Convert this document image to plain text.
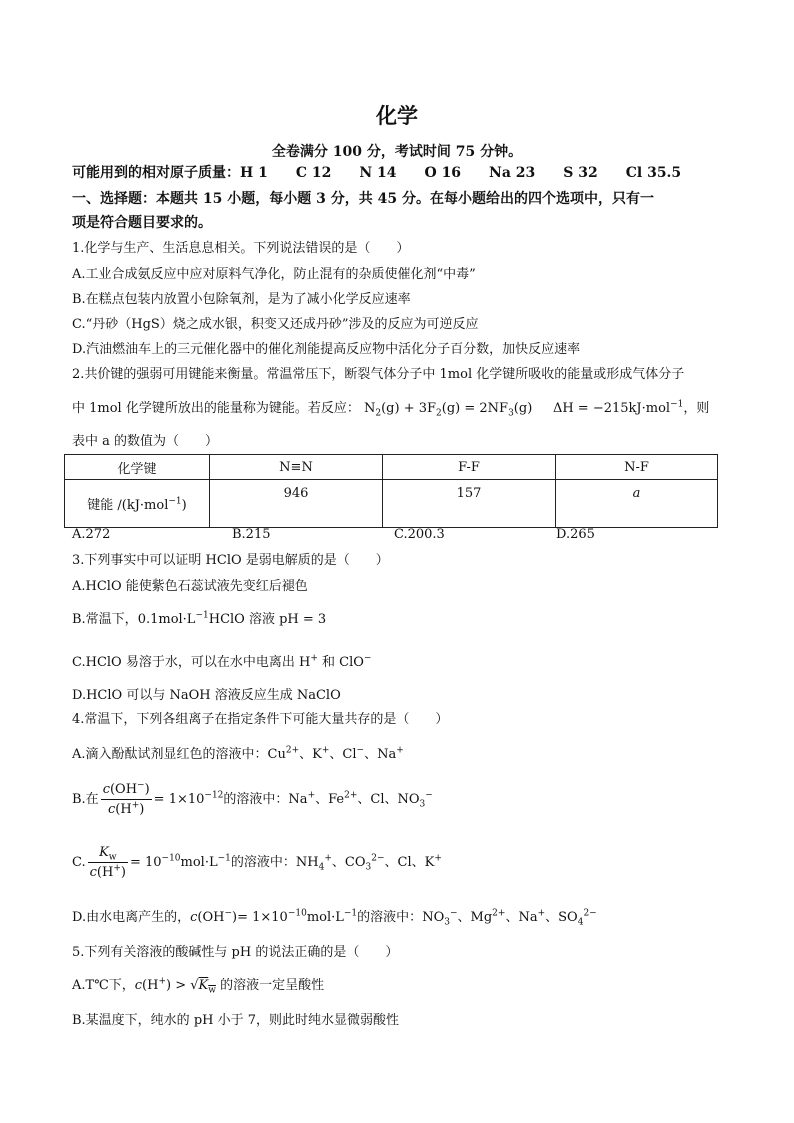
化学
全卷满分 100 分，考试时间 75 分钟。
可能用到的相对原子质量：H 1　　C 12　　N 14　　O 16　　Na 23　　S 32　　Cl 35.5
一、选择题：本题共 15 小题，每小题 3 分，共 45 分。在每小题给出的四个选项中，只有一
项是符合题目要求的。
1.化学与生产、生活息息相关。下列说法错误的是（　　）
A.工业合成氨反应中应对原料气净化，防止混有的杂质使催化剂“中毒”
B.在糕点包装内放置小包除氧剂，是为了减小化学反应速率
C.“丹砂（HgS）烧之成水银，积变又还成丹砂”涉及的反应为可逆反应
D.汽油燃油车上的三元催化器中的催化剂能提高反应物中活化分子百分数，加快反应速率
2.共价键的强弱可用键能来衡量。常温常压下，断裂气体分子中 1mol 化学键所吸收的能量或形成气体分子
中 1mol 化学键所放出的能量称为键能。若反应： $N_2(g) + 3F_2(g) = 2NF_3(g) \Delta H = -215kJ\cdot mol^{-1}$，则
表中 a 的数值为（　　）
化学键	N≡N	F-F	N-F
键能 /(kJ·mol$^{-1}$)	946	157	a
A.272	B.215	C.200.3	D.265
3.下列事实中可以证明 HClO 是弱电解质的是（　　）
A.HClO 能使紫色石蕊试液先变红后褪色
B.常温下，$0.1mol\cdot L^{-1}HClO$ 溶液 pH = 3
C.HClO 易溶于水，可以在水中电离出 H+ 和 ClO−
D.HClO 可以与 NaOH 溶液反应生成 NaClO
4.常温下，下列各组离子在指定条件下可能大量共存的是（　　）
A.滴入酚酞试剂显红色的溶液中：$Cu^{2+}$、K+、Cl−、Na+
B.在 $\frac{c(OH^-)}{c(H^+)} = 1\times 10^{-12}$的溶液中：Na+、$Fe^{2+}$、Cl、$NO_3^-$
C. $\frac{K_w}{c(H^+)} = 10^{-10}mol\cdot L^{-1}$的溶液中：$NH_4^+$、$CO_3^{2-}$、Cl、K+
D.由水电离产生的，$c(OH^-)= 1\times 10^{-10}mol\cdot L^{-1}$的溶液中：$NO_3^-$、$Mg^{2+}$、Na+、$SO_4^{2-}$
5.下列有关溶液的酸碱性与 pH 的说法正确的是（　　）
A.T℃下，$c(H^+) > √K_w$ 的溶液一定呈酸性
B.某温度下，纯水的 pH 小于 7，则此时纯水显微弱酸性
